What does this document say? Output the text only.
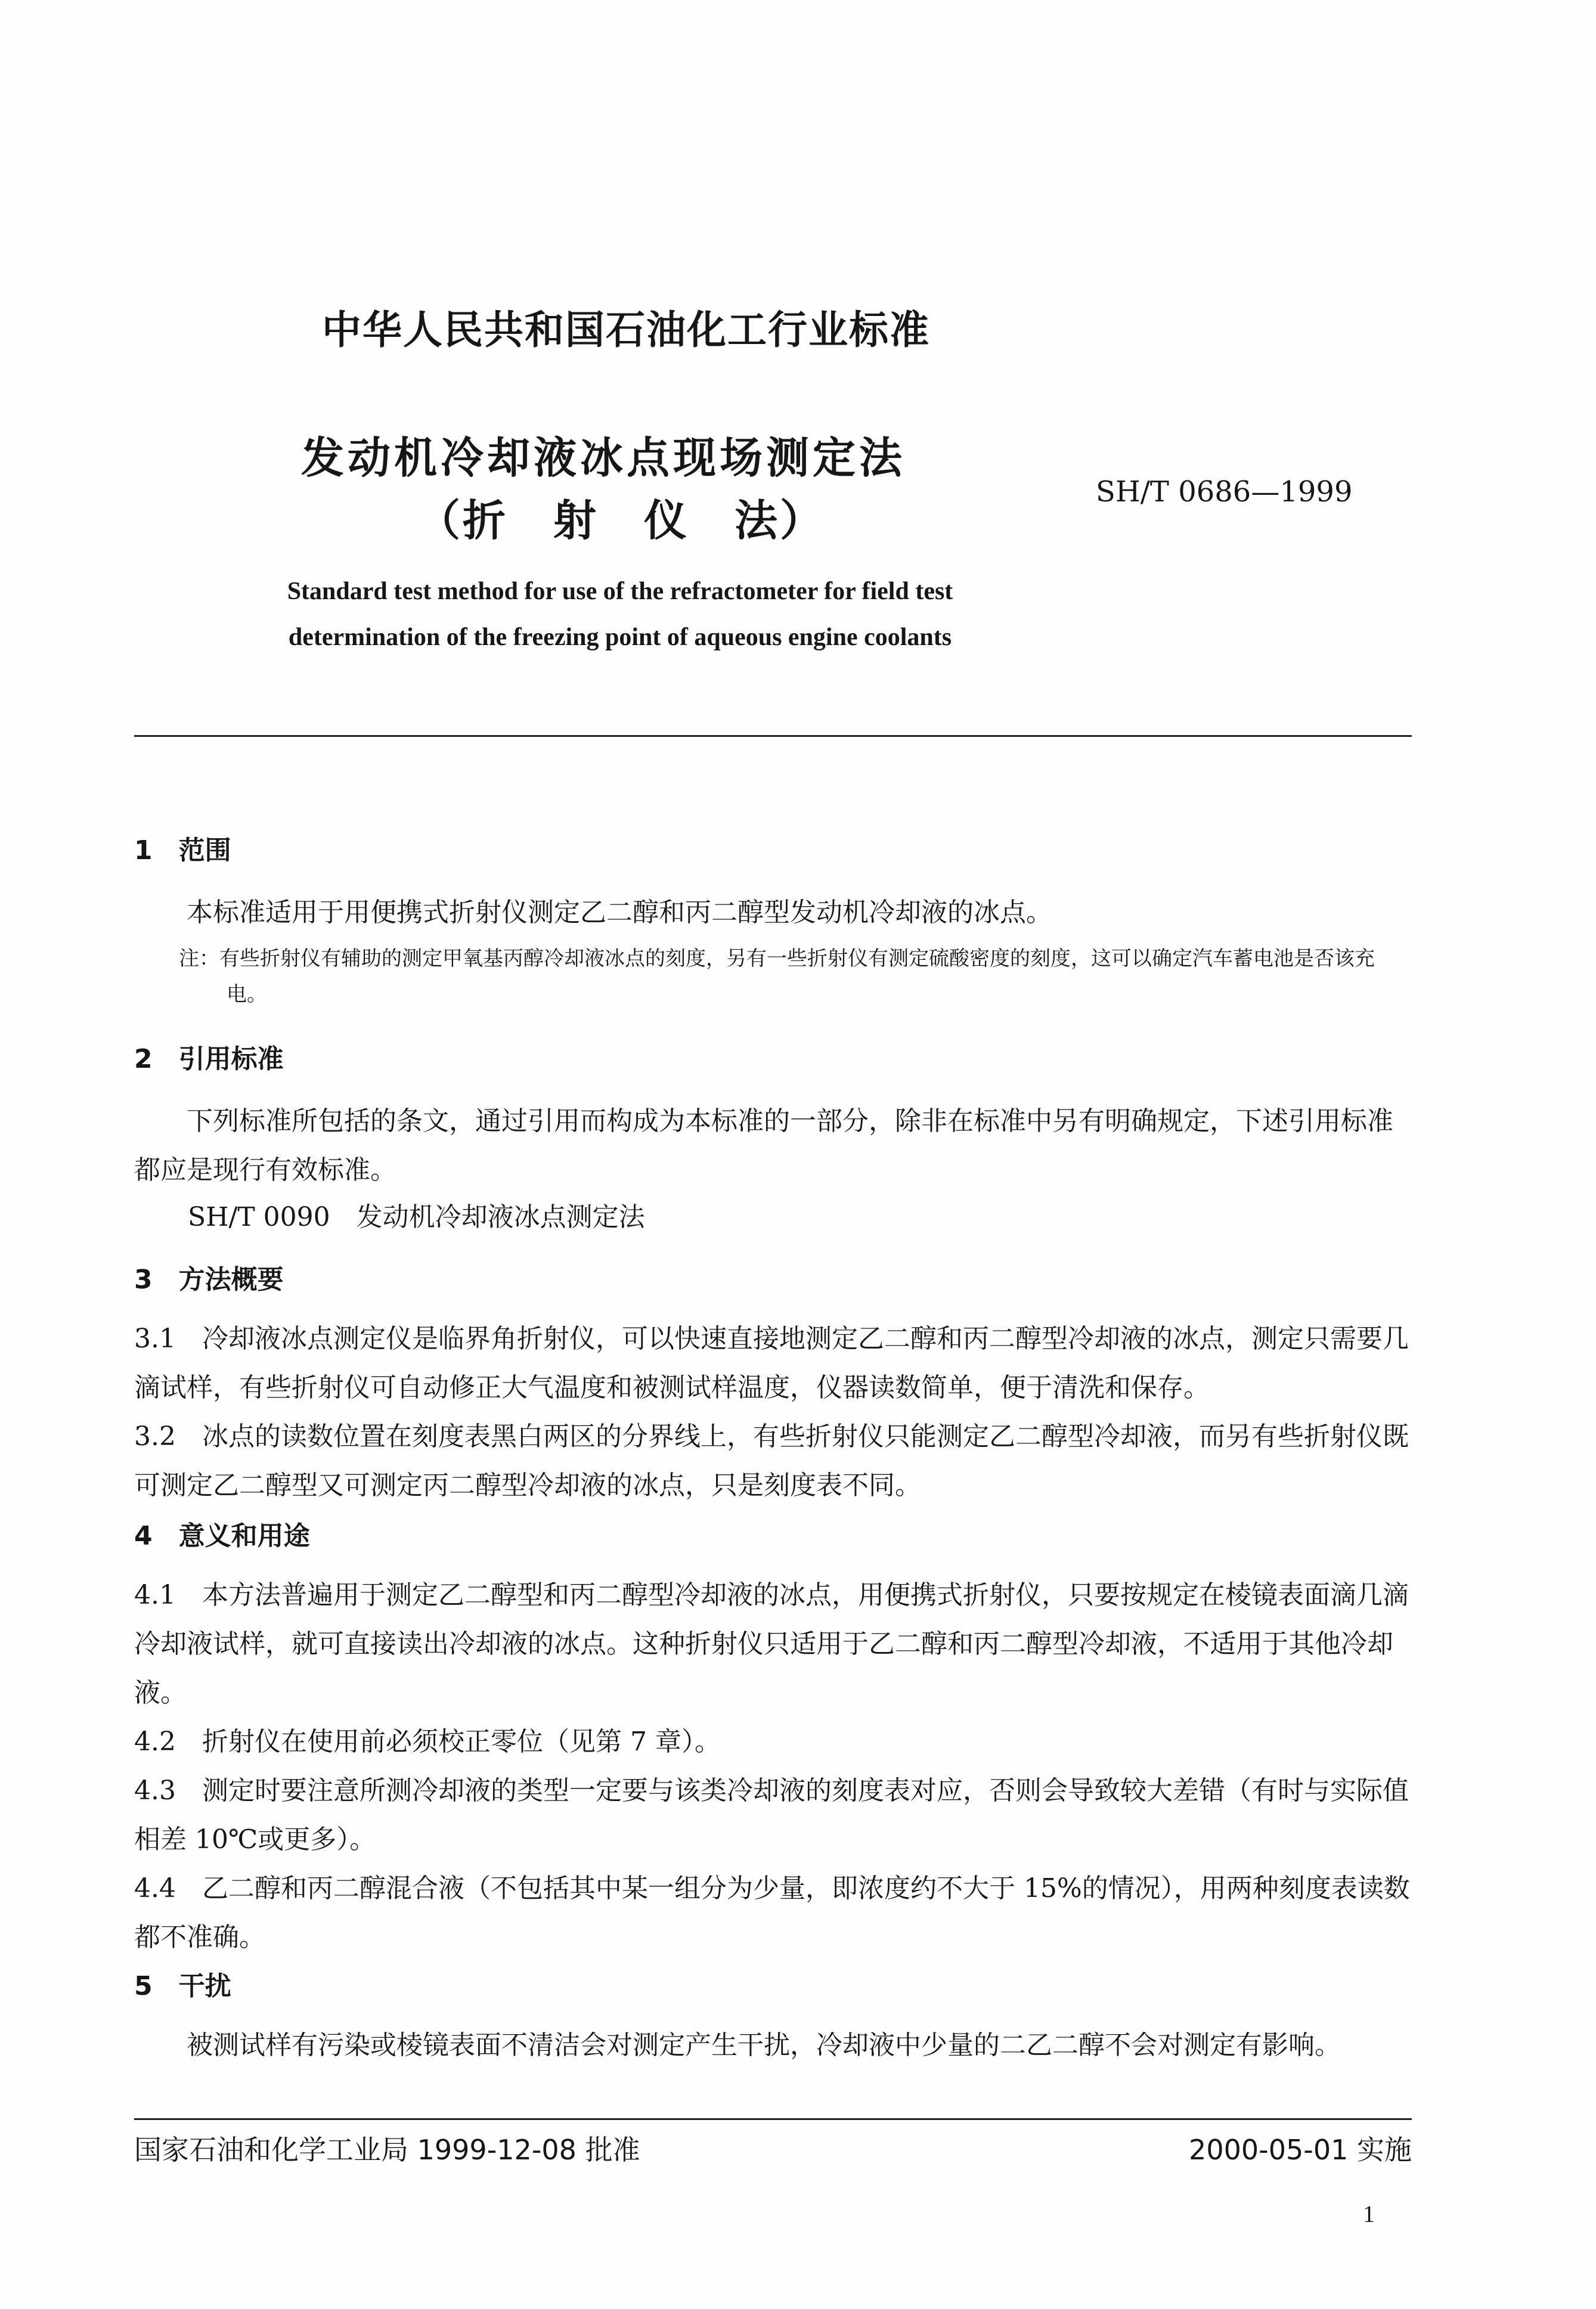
中华人民共和国石油化工行业标准
发动机冷却液冰点现场测定法
（折　射　仪　法）
SH/T 0686—1999
Standard test method for use of the refractometer for field test
determination of the freezing point of aqueous engine coolants
1　范围
本标准适用于用便携式折射仪测定乙二醇和丙二醇型发动机冷却液的冰点。
注：有些折射仪有辅助的测定甲氧基丙醇冷却液冰点的刻度，另有一些折射仪有测定硫酸密度的刻度，这可以确定汽车蓄电池是否该充电。
2　引用标准
下列标准所包括的条文，通过引用而构成为本标准的一部分，除非在标准中另有明确规定，下述引用标准都应是现行有效标准。
SH/T 0090　发动机冷却液冰点测定法
3　方法概要
3.1　冷却液冰点测定仪是临界角折射仪，可以快速直接地测定乙二醇和丙二醇型冷却液的冰点，测定只需要几滴试样，有些折射仪可自动修正大气温度和被测试样温度，仪器读数简单，便于清洗和保存。
3.2　冰点的读数位置在刻度表黑白两区的分界线上，有些折射仪只能测定乙二醇型冷却液，而另有些折射仪既可测定乙二醇型又可测定丙二醇型冷却液的冰点，只是刻度表不同。
4　意义和用途
4.1　本方法普遍用于测定乙二醇型和丙二醇型冷却液的冰点，用便携式折射仪，只要按规定在棱镜表面滴几滴冷却液试样，就可直接读出冷却液的冰点。这种折射仪只适用于乙二醇和丙二醇型冷却液，不适用于其他冷却液。
4.2　折射仪在使用前必须校正零位（见第 7 章）。
4.3　测定时要注意所测冷却液的类型一定要与该类冷却液的刻度表对应，否则会导致较大差错（有时与实际值相差 10℃或更多）。
4.4　乙二醇和丙二醇混合液（不包括其中某一组分为少量，即浓度约不大于 15%的情况），用两种刻度表读数都不准确。
5　干扰
被测试样有污染或棱镜表面不清洁会对测定产生干扰，冷却液中少量的二乙二醇不会对测定有影响。
国家石油和化学工业局 1999-12-08 批准	2000-05-01 实施
1
